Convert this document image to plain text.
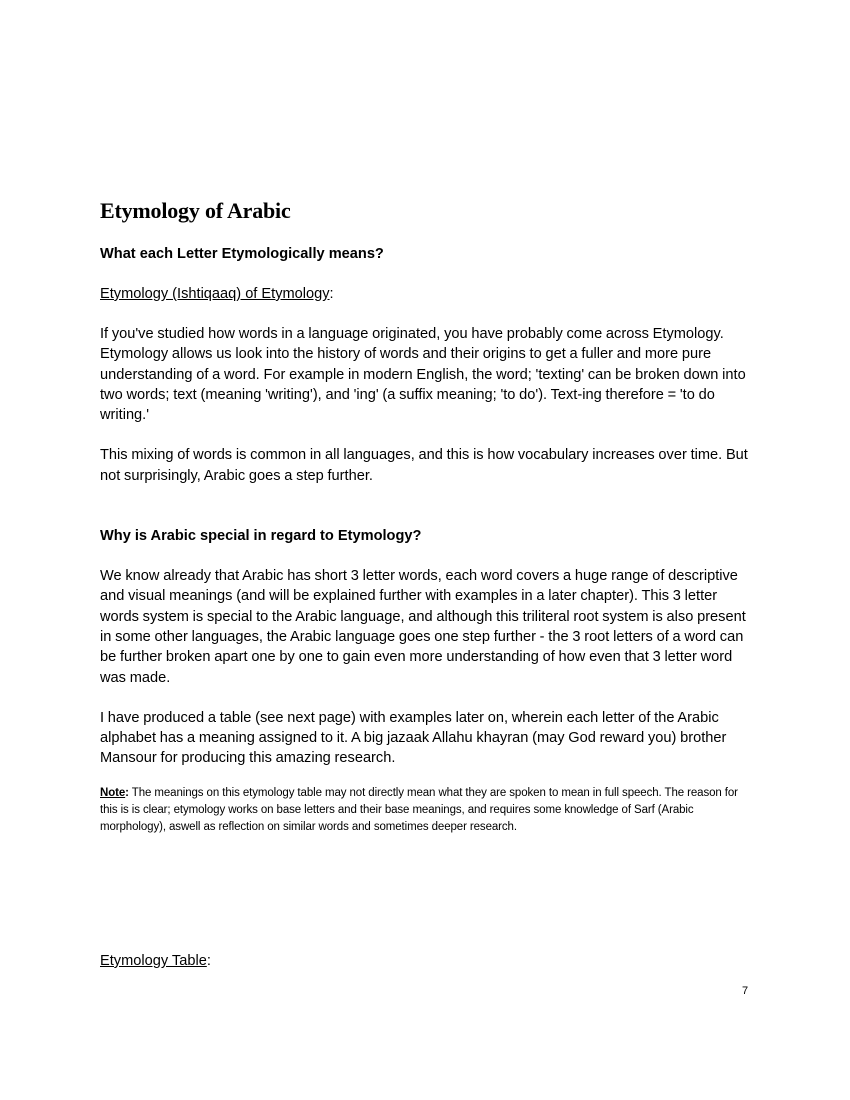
Etymology of Arabic
What each Letter Etymologically means?
Etymology (Ishtiqaaq) of Etymology:

If you've studied how words in a language originated, you have probably come across Etymology. Etymology allows us look into the history of words and their origins to get a fuller and more pure understanding of a word. For example in modern English, the word; 'texting' can be broken down into two words; text (meaning 'writing'), and 'ing' (a suffix meaning; 'to do'). Text-ing therefore = 'to do writing.'

This mixing of words is common in all languages, and this is how vocabulary increases over time. But not surprisingly, Arabic goes a step further.

Why is Arabic special in regard to Etymology?

We know already that Arabic has short 3 letter words, each word covers a huge range of descriptive and visual meanings (and will be explained further with examples in a later chapter). This 3 letter words system is special to the Arabic language, and although this triliteral root system is also present in some other languages, the Arabic language goes one step further - the 3 root letters of a word can be further broken apart one by one to gain even more understanding of how even that 3 letter word was made.

I have produced a table (see next page) with examples later on, wherein each letter of the Arabic alphabet has a meaning assigned to it. A big jazaak Allahu khayran (may God reward you) brother Mansour for producing this amazing research.

Note: The meanings on this etymology table may not directly mean what they are spoken to mean in full speech. The reason for this is is clear; etymology works on base letters and their base meanings, and requires some knowledge of Sarf (Arabic morphology), aswell as reflection on similar words and sometimes deeper research.

Etymology Table:
7
